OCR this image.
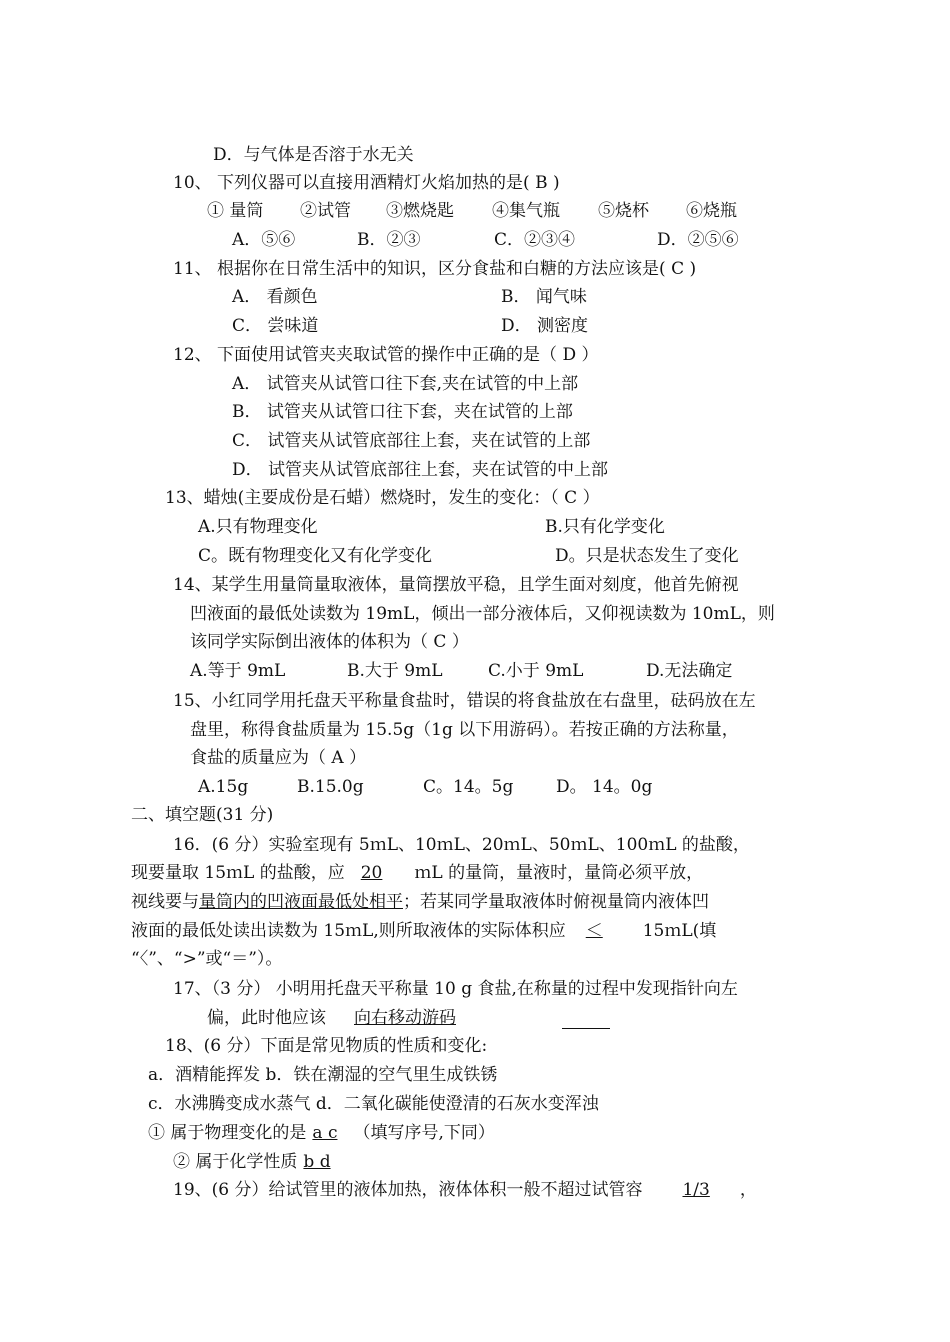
D．与气体是否溶于水无关
10、 下列仪器可以直接用酒精灯火焰加热的是( B )
① 量筒 ②试管 ③燃烧匙 ④集气瓶 ⑤烧杯 ⑥烧瓶
A．⑤⑥	B．②③	C．②③④	D．②⑤⑥
11、 根据你在日常生活中的知识，区分食盐和白糖的方法应该是( C )
A． 看颜色	B． 闻气味
C． 尝味道	D． 测密度
12、 下面使用试管夹夹取试管的操作中正确的是（ D ）
A． 试管夹从试管口往下套,夹在试管的中上部
B． 试管夹从试管口往下套，夹在试管的上部
C． 试管夹从试管底部往上套，夹在试管的上部
D． 试管夹从试管底部往上套，夹在试管的中上部
13、蜡烛(主要成份是石蜡）燃烧时，发生的变化：（ C ）
A.只有物理变化	B.只有化学变化
C。既有物理变化又有化学变化	D。只是状态发生了变化
14、某学生用量筒量取液体，量筒摆放平稳，且学生面对刻度，他首先俯视
凹液面的最低处读数为 19mL，倾出一部分液体后，又仰视读数为 10mL，则
该同学实际倒出液体的体积为（ C ）
A.等于 9mL	B.大于 9mL	C.小于 9mL	D.无法确定
15、小红同学用托盘天平称量食盐时，错误的将食盐放在右盘里，砝码放在左
盘里，称得食盐质量为 15.5g（1g 以下用游码）。若按正确的方法称量，
食盐的质量应为（ A ）
A.15g	B.15.0g	C。14。5g	D。 14。0g
二、填空题(31 分)
16．(6 分）实验室现有 5ｍL、10ｍL、20ｍL、50ｍL、100ｍL 的盐酸，
现要量取 15ｍL 的盐酸，应 20 ｍL 的量筒，量液时，量筒必须平放，
视线要与量筒内的凹液面最低处相平；若某同学量取液体时俯视量筒内液体凹
液面的最低处读出读数为 15ｍL,则所取液体的实际体积应 ＜ 15ｍL(填
“〈”、“>”或“＝”）。
17、（3 分） 小明用托盘天平称量 10 g 食盐,在称量的过程中发现指针向左
偏，此时他应该 向右移动游码
18、(6 分）下面是常见物质的性质和变化:
a．酒精能挥发 b．铁在潮湿的空气里生成铁锈
c．水沸腾变成水蒸气 d．二氧化碳能使澄清的石灰水变浑浊
① 属于物理变化的是 a c （填写序号,下同）
② 属于化学性质 b d
19、(6 分）给试管里的液体加热，液体体积一般不超过试管容 1/3 ，
